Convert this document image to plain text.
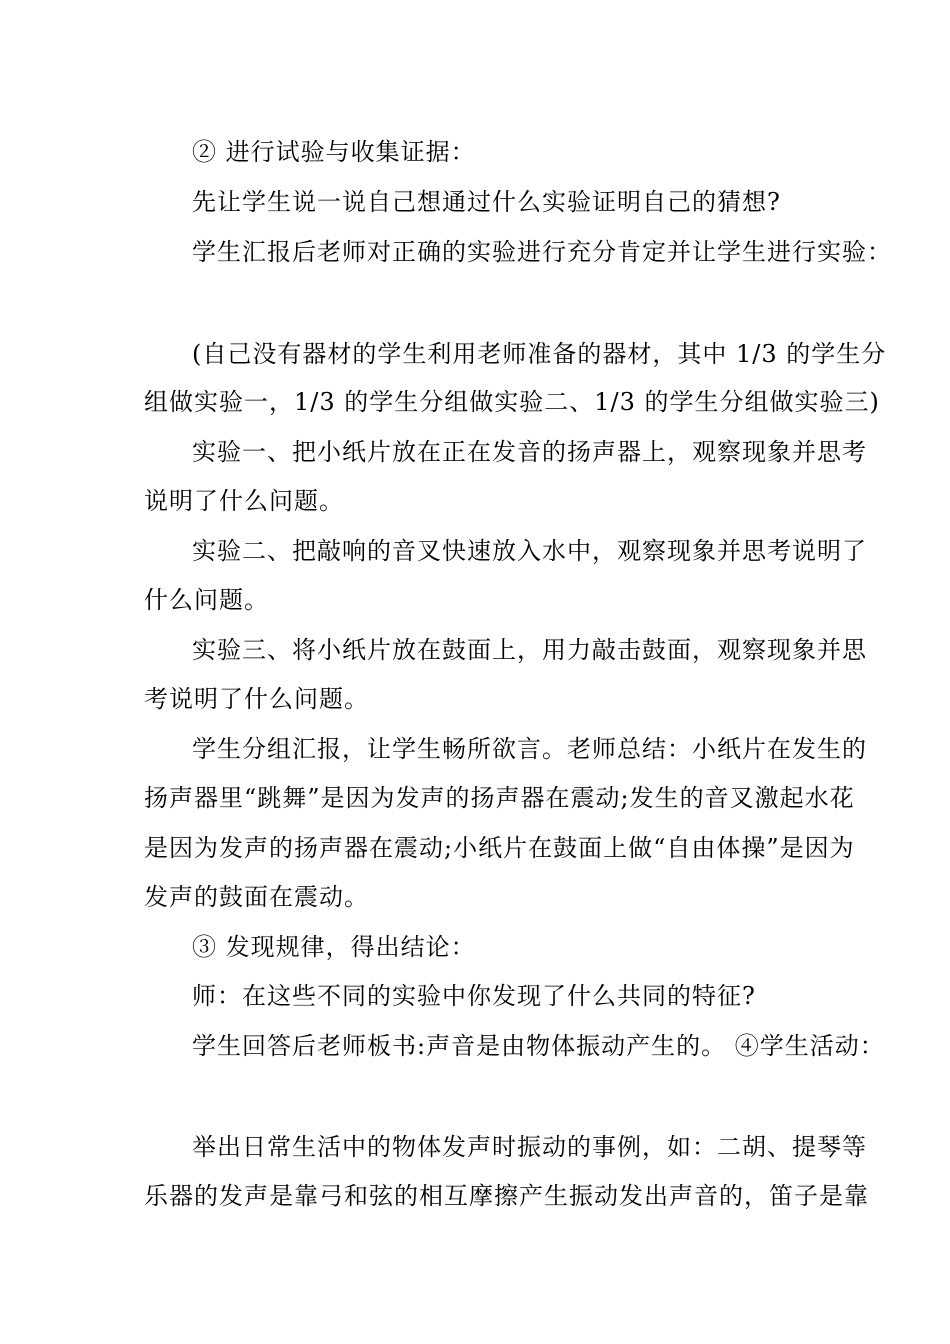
② 进行试验与收集证据：
先让学生说一说自己想通过什么实验证明自己的猜想?
学生汇报后老师对正确的实验进行充分肯定并让学生进行实验：
(自己没有器材的学生利用老师准备的器材，其中 1/3 的学生分
组做实验一，1/3 的学生分组做实验二、1/3 的学生分组做实验三)
实验一、把小纸片放在正在发音的扬声器上，观察现象并思考
说明了什么问题。
实验二、把敲响的音叉快速放入水中，观察现象并思考说明了
什么问题。
实验三、将小纸片放在鼓面上，用力敲击鼓面，观察现象并思
考说明了什么问题。
学生分组汇报，让学生畅所欲言。老师总结：小纸片在发生的
扬声器里“跳舞”是因为发声的扬声器在震动;发生的音叉激起水花
是因为发声的扬声器在震动;小纸片在鼓面上做“自由体操”是因为
发声的鼓面在震动。
③ 发现规律，得出结论：
师：在这些不同的实验中你发现了什么共同的特征?
学生回答后老师板书:声音是由物体振动产生的。 ④学生活动：
举出日常生活中的物体发声时振动的事例，如：二胡、提琴等
乐器的发声是靠弓和弦的相互摩擦产生振动发出声音的，笛子是靠
